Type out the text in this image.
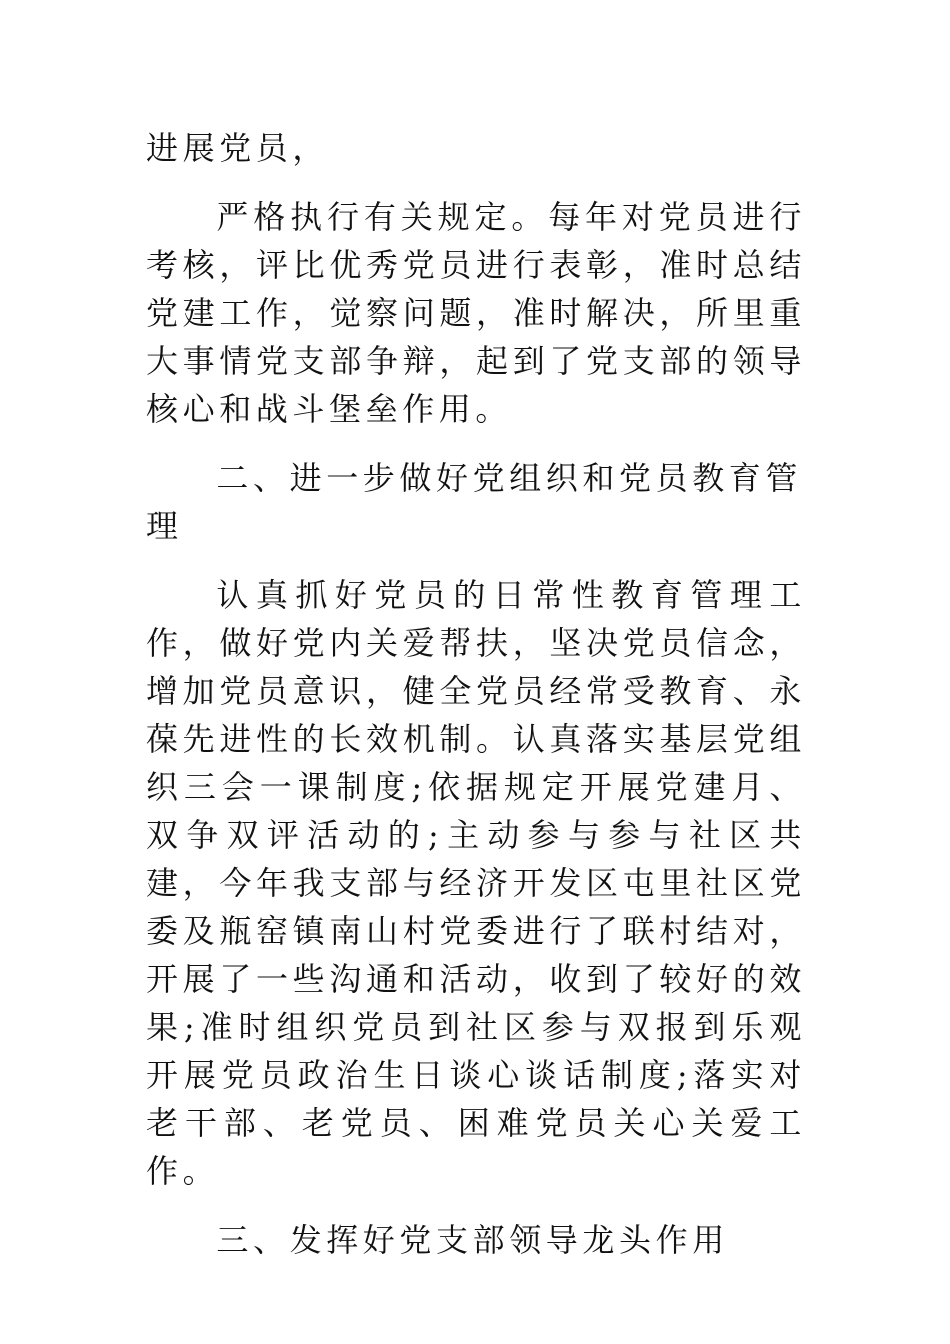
进展党员，

严格执行有关规定。每年对党员进行考核，评比优秀党员进行表彰，准时总结党建工作，觉察问题，准时解决，所里重大事情党支部争辩，起到了党支部的领导核心和战斗堡垒作用。

二、进一步做好党组织和党员教育管理

认真抓好党员的日常性教育管理工作，做好党内关爱帮扶，坚决党员信念，增加党员意识，健全党员经常受教育、永葆先进性的长效机制。认真落实基层党组织三会一课制度;依据规定开展党建月、双争双评活动的;主动参与参与社区共建，今年我支部与经济开发区屯里社区党委及瓶窑镇南山村党委进行了联村结对，开展了一些沟通和活动，收到了较好的效果;准时组织党员到社区参与双报到乐观开展党员政治生日谈心谈话制度;落实对老干部、老党员、困难党员关心关爱工作。

三、发挥好党支部领导龙头作用
